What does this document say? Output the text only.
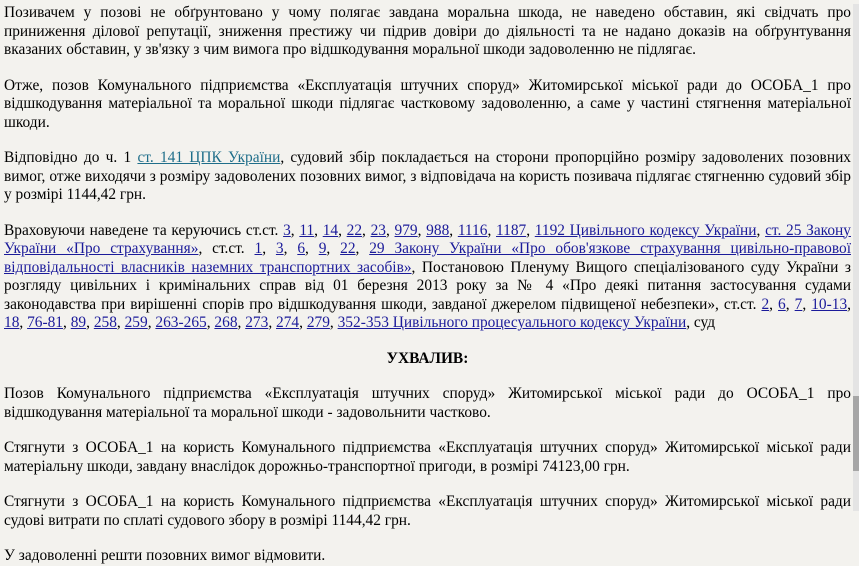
Позивачем у позові не обґрунтовано у чому полягає завдана моральна шкода, не наведено обставин, які свідчать про приниження ділової репутації, зниження престижу чи підрив довіри до діяльності та не надано доказів на обґрунтування вказаних обставин, у зв'язку з чим вимога про відшкодування моральної шкоди задоволенню не підлягає.

Отже, позов Комунального підприємства «Експлуатація штучних споруд» Житомирської міської ради до ОСОБА_1 про відшкодування матеріальної та моральної шкоди підлягає частковому задоволенню, а саме у частині стягнення матеріальної шкоди.

Відповідно до ч. 1 ст. 141 ЦПК України, судовий збір покладається на сторони пропорційно розміру задоволених позовних вимог, отже виходячи з розміру задоволених позовних вимог, з відповідача на користь позивача підлягає стягненню судовий збір у розмірі 1144,42 грн.

Враховуючи наведене та керуючись ст.ст. 3, 11, 14, 22, 23, 979, 988, 1116, 1187, 1192 Цивільного кодексу України, ст. 25 Закону України «Про страхування», ст.ст. 1, 3, 6, 9, 22, 29 Закону України «Про обов'язкове страхування цивільно-правової відповідальності власників наземних транспортних засобів», Постановою Пленуму Вищого спеціалізованого суду України з розгляду цивільних і кримінальних справ від 01 березня 2013 року за № 4 «Про деякі питання застосування судами законодавства при вирішенні спорів про відшкодування шкоди, завданої джерелом підвищеної небезпеки», ст.ст. 2, 6, 7, 10-13, 18, 76-81, 89, 258, 259, 263-265, 268, 273, 274, 279, 352-353 Цивільного процесуального кодексу України, суд

УХВАЛИВ:

Позов Комунального підприємства «Експлуатація штучних споруд» Житомирської міської ради до ОСОБА_1 про відшкодування матеріальної та моральної шкоди - задовольнити частково.

Стягнути з ОСОБА_1 на користь Комунального підприємства «Експлуатація штучних споруд» Житомирської міської ради матеріальну шкоди, завдану внаслідок дорожньо-транспортної пригоди, в розмірі 74123,00 грн.

Стягнути з ОСОБА_1 на користь Комунального підприємства «Експлуатація штучних споруд» Житомирської міської ради судові витрати по сплаті судового збору в розмірі 1144,42 грн.

У задоволенні решти позовних вимог відмовити.
